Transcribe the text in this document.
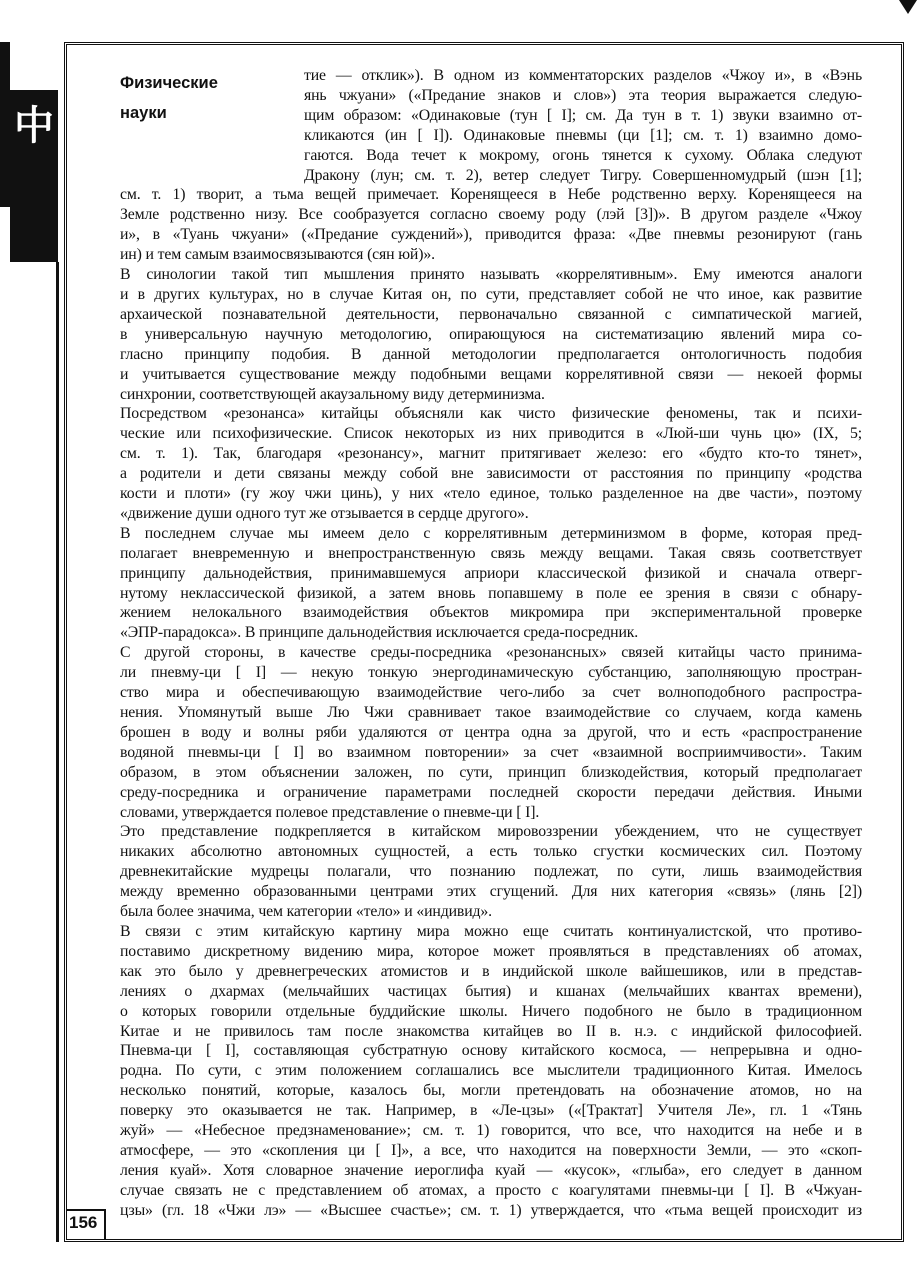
中
Физические
науки
тие — отклик»). В одном из комментаторских разделов «Чжоу и», в «Вэнь
янь чжуани» («Предание знаков и слов») эта теория выражается следую-
щим образом: «Одинаковые (тун [ I]; см. Да тун в т. 1) звуки взаимно от-
кликаются (ин [ I]). Одинаковые пневмы (ци [1]; см. т. 1) взаимно домо-
гаются. Вода течет к мокрому, огонь тянется к сухому. Облака следуют
Дракону (лун; см. т. 2), ветер следует Тигру. Совершенномудрый (шэн [1];
см. т. 1) творит, а тьма вещей примечает. Коренящееся в Небе родственно верху. Коренящееся на
Земле родственно низу. Все сообразуется согласно своему роду (лэй [3])». В другом разделе «Чжоу
и», в «Туань чжуани» («Предание суждений»), приводится фраза: «Две пневмы резонируют (гань
ин) и тем самым взаимосвязываются (сян юй)».
В синологии такой тип мышления принято называть «коррелятивным». Ему имеются аналоги
и в других культурах, но в случае Китая он, по сути, представляет собой не что иное, как развитие
архаической познавательной деятельности, первоначально связанной с симпатической магией,
в универсальную научную методологию, опирающуюся на систематизацию явлений мира со-
гласно принципу подобия. В данной методологии предполагается онтологичность подобия
и учитывается существование между подобными вещами коррелятивной связи — некоей формы
синхронии, соответствующей акаузальному виду детерминизма.
Посредством «резонанса» китайцы объясняли как чисто физические феномены, так и психи-
ческие или психофизические. Список некоторых из них приводится в «Люй-ши чунь цю» (IX, 5;
см. т. 1). Так, благодаря «резонансу», магнит притягивает железо: его «будто кто-то тянет»,
а родители и дети связаны между собой вне зависимости от расстояния по принципу «родства
кости и плоти» (гу жоу чжи цинь), у них «тело единое, только разделенное на две части», поэтому
«движение души одного тут же отзывается в сердце другого».
В последнем случае мы имеем дело с коррелятивным детерминизмом в форме, которая пред-
полагает вневременную и внепространственную связь между вещами. Такая связь соответствует
принципу дальнодействия, принимавшемуся априори классической физикой и сначала отверг-
нутому неклассической физикой, а затем вновь попавшему в поле ее зрения в связи с обнару-
жением нелокального взаимодействия объектов микромира при экспериментальной проверке
«ЭПР-парадокса». В принципе дальнодействия исключается среда-посредник.
С другой стороны, в качестве среды-посредника «резонансных» связей китайцы часто принима-
ли пневму-ци [ I] — некую тонкую энергодинамическую субстанцию, заполняющую простран-
ство мира и обеспечивающую взаимодействие чего-либо за счет волноподобного распростра-
нения. Упомянутый выше Лю Чжи сравнивает такое взаимодействие со случаем, когда камень
брошен в воду и волны ряби удаляются от центра одна за другой, что и есть «распространение
водяной пневмы-ци [ I] во взаимном повторении» за счет «взаимной восприимчивости». Таким
образом, в этом объяснении заложен, по сути, принцип близкодействия, который предполагает
среду-посредника и ограничение параметрами последней скорости передачи действия. Иными
словами, утверждается полевое представление о пневме-ци [ I].
Это представление подкрепляется в китайском мировоззрении убеждением, что не существует
никаких абсолютно автономных сущностей, а есть только сгустки космических сил. Поэтому
древнекитайские мудрецы полагали, что познанию подлежат, по сути, лишь взаимодействия
между временно образованными центрами этих сгущений. Для них категория «связь» (лянь [2])
была более значима, чем категории «тело» и «индивид».
В связи с этим китайскую картину мира можно еще считать континуалистской, что противо-
поставимо дискретному видению мира, которое может проявляться в представлениях об атомах,
как это было у древнегреческих атомистов и в индийской школе вайшешиков, или в представ-
лениях о дхармах (мельчайших частицах бытия) и кшанах (мельчайших квантах времени),
о которых говорили отдельные буддийские школы. Ничего подобного не было в традиционном
Китае и не привилось там после знакомства китайцев во II в. н.э. с индийской философией.
Пневма-ци [ I], составляющая субстратную основу китайского космоса, — непрерывна и одно-
родна. По сути, с этим положением соглашались все мыслители традиционного Китая. Имелось
несколько понятий, которые, казалось бы, могли претендовать на обозначение атомов, но на
поверку это оказывается не так. Например, в «Ле-цзы» («[Трактат] Учителя Ле», гл. 1 «Тянь
жуй» — «Небесное предзнаменование»; см. т. 1) говорится, что все, что находится на небе и в
атмосфере, — это «скопления ци [ I]», а все, что находится на поверхности Земли, — это «скоп-
ления куай». Хотя словарное значение иероглифа куай — «кусок», «глыба», его следует в данном
случае связать не с представлением об атомах, а просто с коагулятами пневмы-ци [ I]. В «Чжуан-
цзы» (гл. 18 «Чжи лэ» — «Высшее счастье»; см. т. 1) утверждается, что «тьма вещей происходит из
156
